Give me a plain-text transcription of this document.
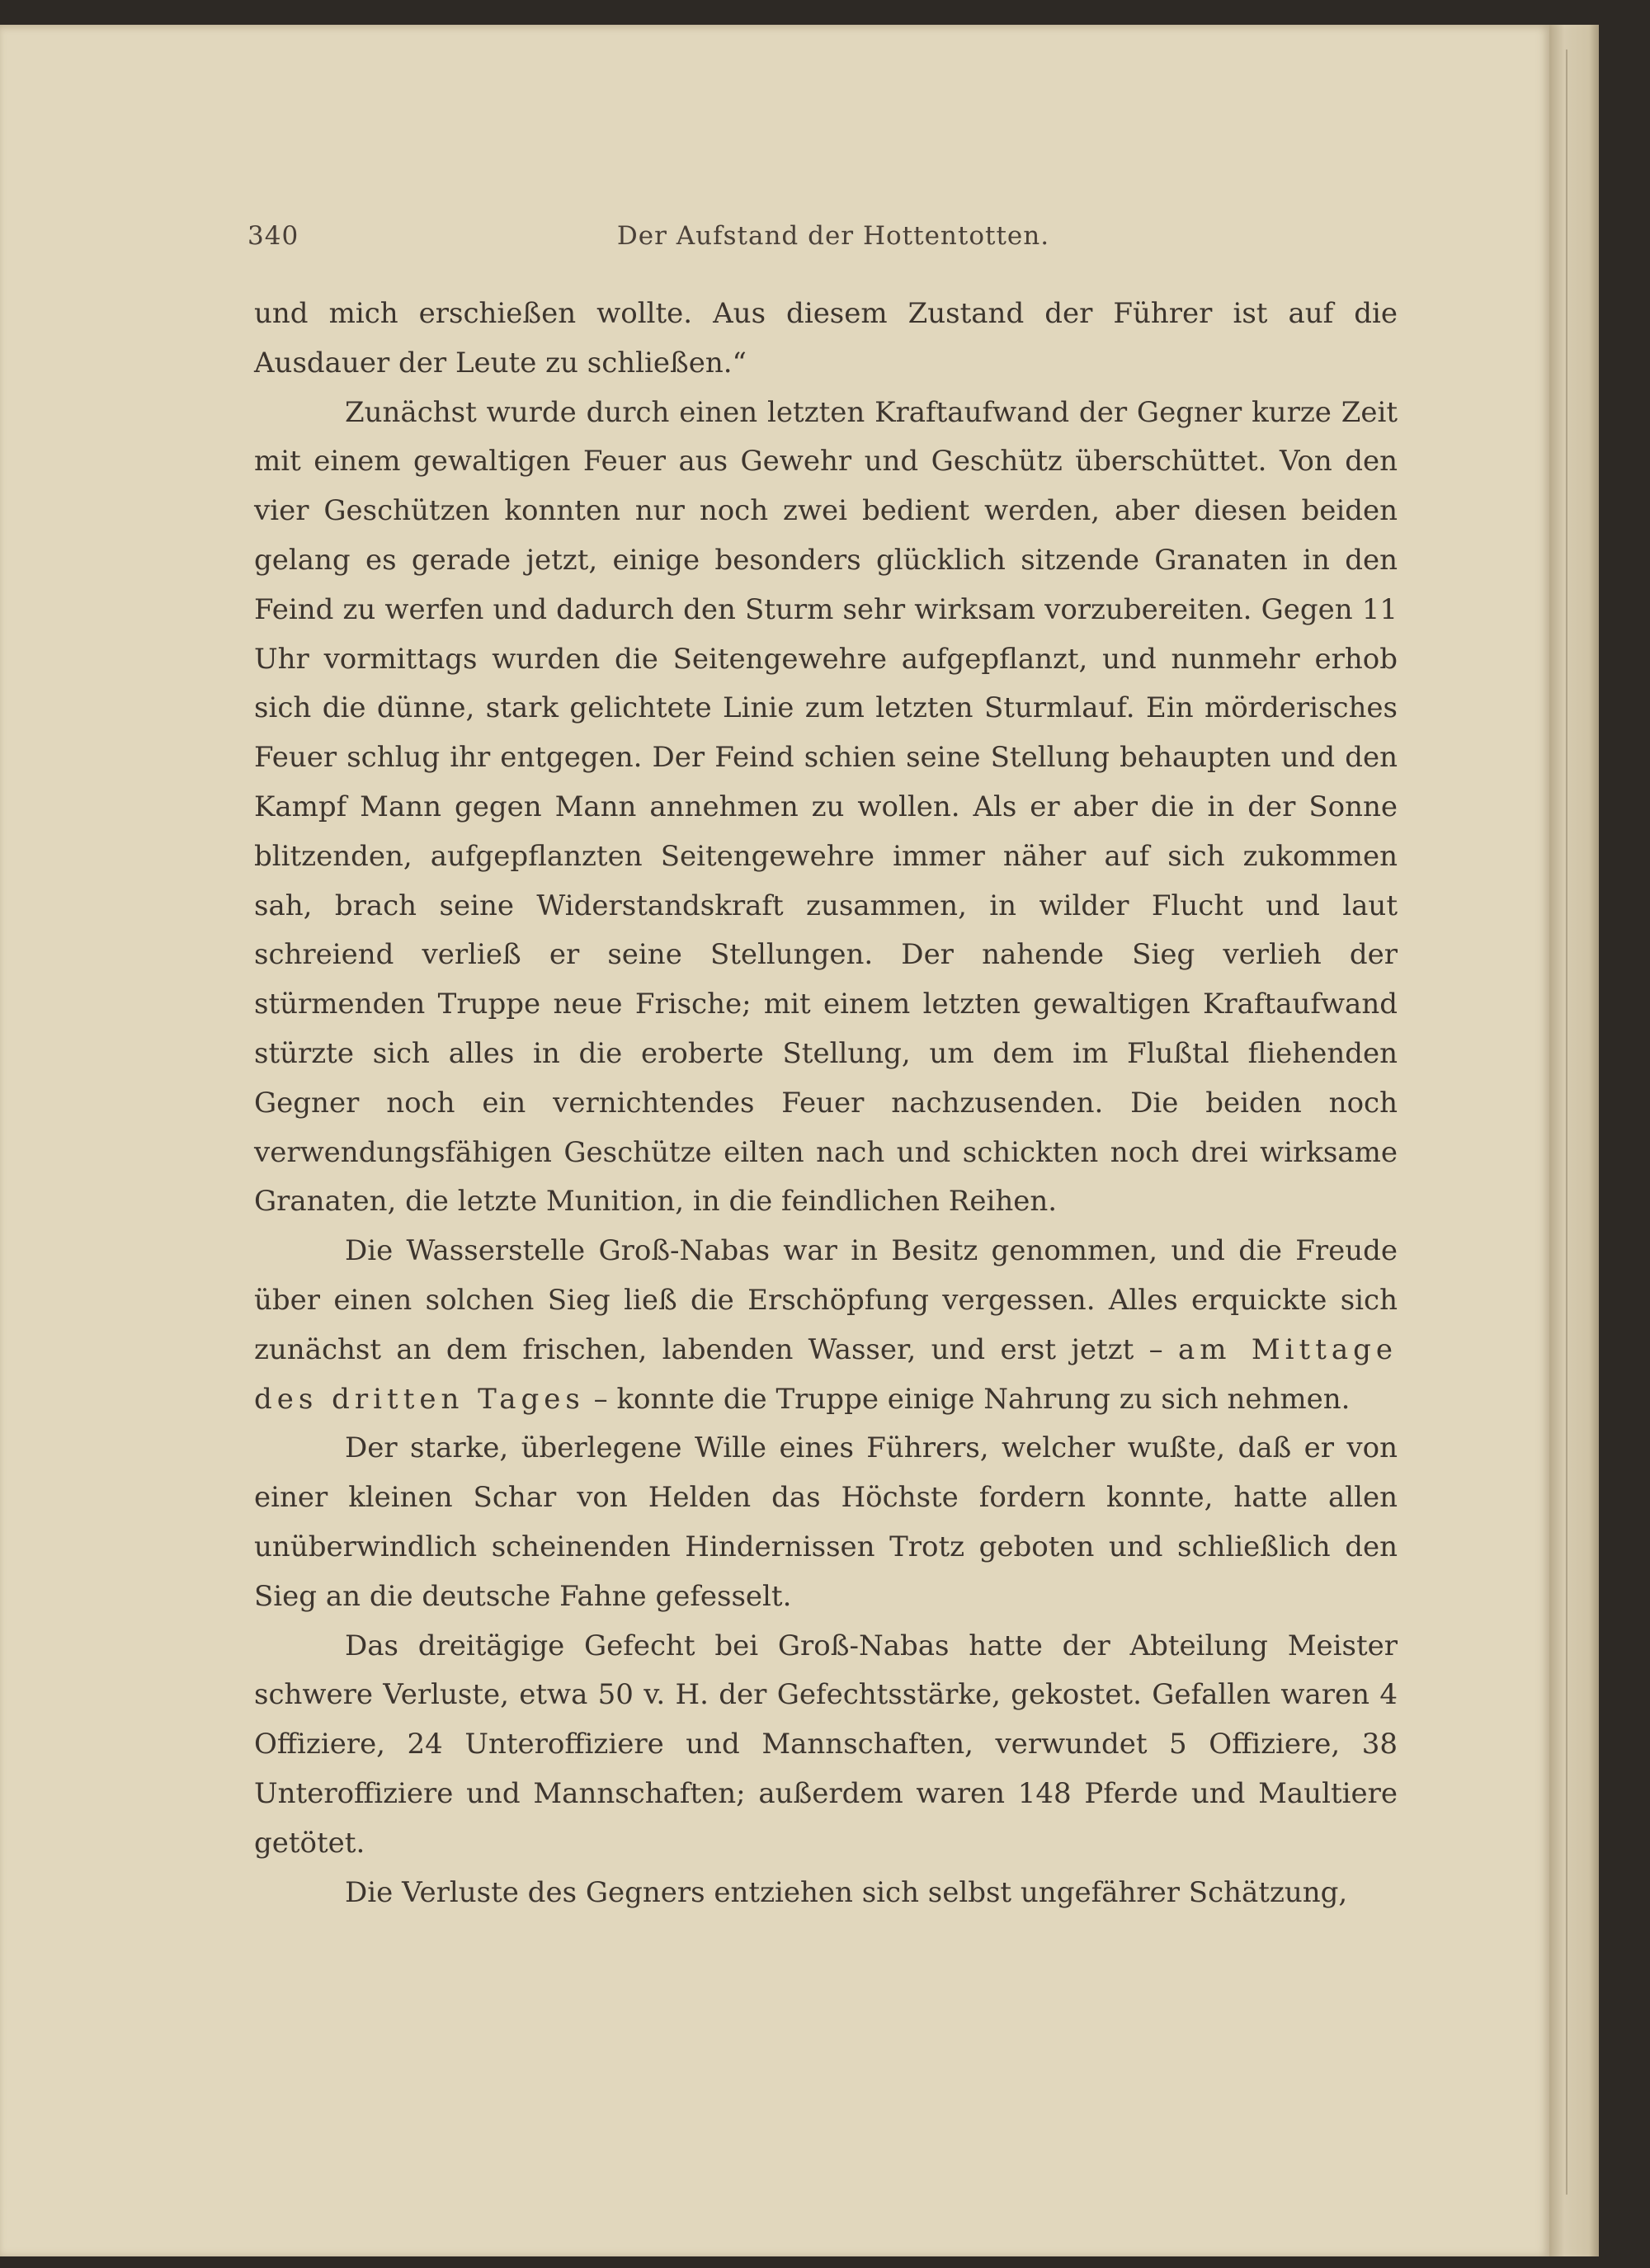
340	Der Aufstand der Hottentotten.

und mich erschießen wollte. Aus diesem Zustand der Führer ist auf die Ausdauer der Leute zu schließen.“

Zunächst wurde durch einen letzten Kraftaufwand der Gegner kurze Zeit mit einem gewaltigen Feuer aus Gewehr und Geschütz überschüttet. Von den vier Geschützen konnten nur noch zwei bedient werden, aber diesen beiden gelang es gerade jetzt, einige besonders glücklich sitzende Granaten in den Feind zu werfen und dadurch den Sturm sehr wirksam vorzubereiten. Gegen 11 Uhr vormittags wurden die Seitengewehre aufgepflanzt, und nunmehr erhob sich die dünne, stark gelichtete Linie zum letzten Sturmlauf. Ein mörderisches Feuer schlug ihr entgegen. Der Feind schien seine Stellung behaupten und den Kampf Mann gegen Mann annehmen zu wollen. Als er aber die in der Sonne blitzenden, aufgepflanzten Seitengewehre immer näher auf sich zukommen sah, brach seine Widerstandskraft zusammen, in wilder Flucht und laut schreiend verließ er seine Stellungen. Der nahende Sieg verlieh der stürmenden Truppe neue Frische; mit einem letzten gewaltigen Kraftaufwand stürzte sich alles in die eroberte Stellung, um dem im Flußtal fliehenden Gegner noch ein vernichtendes Feuer nachzusenden. Die beiden noch verwendungsfähigen Geschütze eilten nach und schickten noch drei wirksame Granaten, die letzte Munition, in die feindlichen Reihen.

Die Wasserstelle Groß-Nabas war in Besitz genommen, und die Freude über einen solchen Sieg ließ die Erschöpfung vergessen. Alles erquickte sich zunächst an dem frischen, labenden Wasser, und erst jetzt – am Mittage des dritten Tages – konnte die Truppe einige Nahrung zu sich nehmen.

Der starke, überlegene Wille eines Führers, welcher wußte, daß er von einer kleinen Schar von Helden das Höchste fordern konnte, hatte allen unüberwindlich scheinenden Hindernissen Trotz geboten und schließlich den Sieg an die deutsche Fahne gefesselt.

Das dreitägige Gefecht bei Groß-Nabas hatte der Abteilung Meister schwere Verluste, etwa 50 v. H. der Gefechtsstärke, gekostet. Gefallen waren 4 Offiziere, 24 Unteroffiziere und Mannschaften, verwundet 5 Offiziere, 38 Unteroffiziere und Mannschaften; außerdem waren 148 Pferde und Maultiere getötet.

Die Verluste des Gegners entziehen sich selbst ungefährer Schätzung,
